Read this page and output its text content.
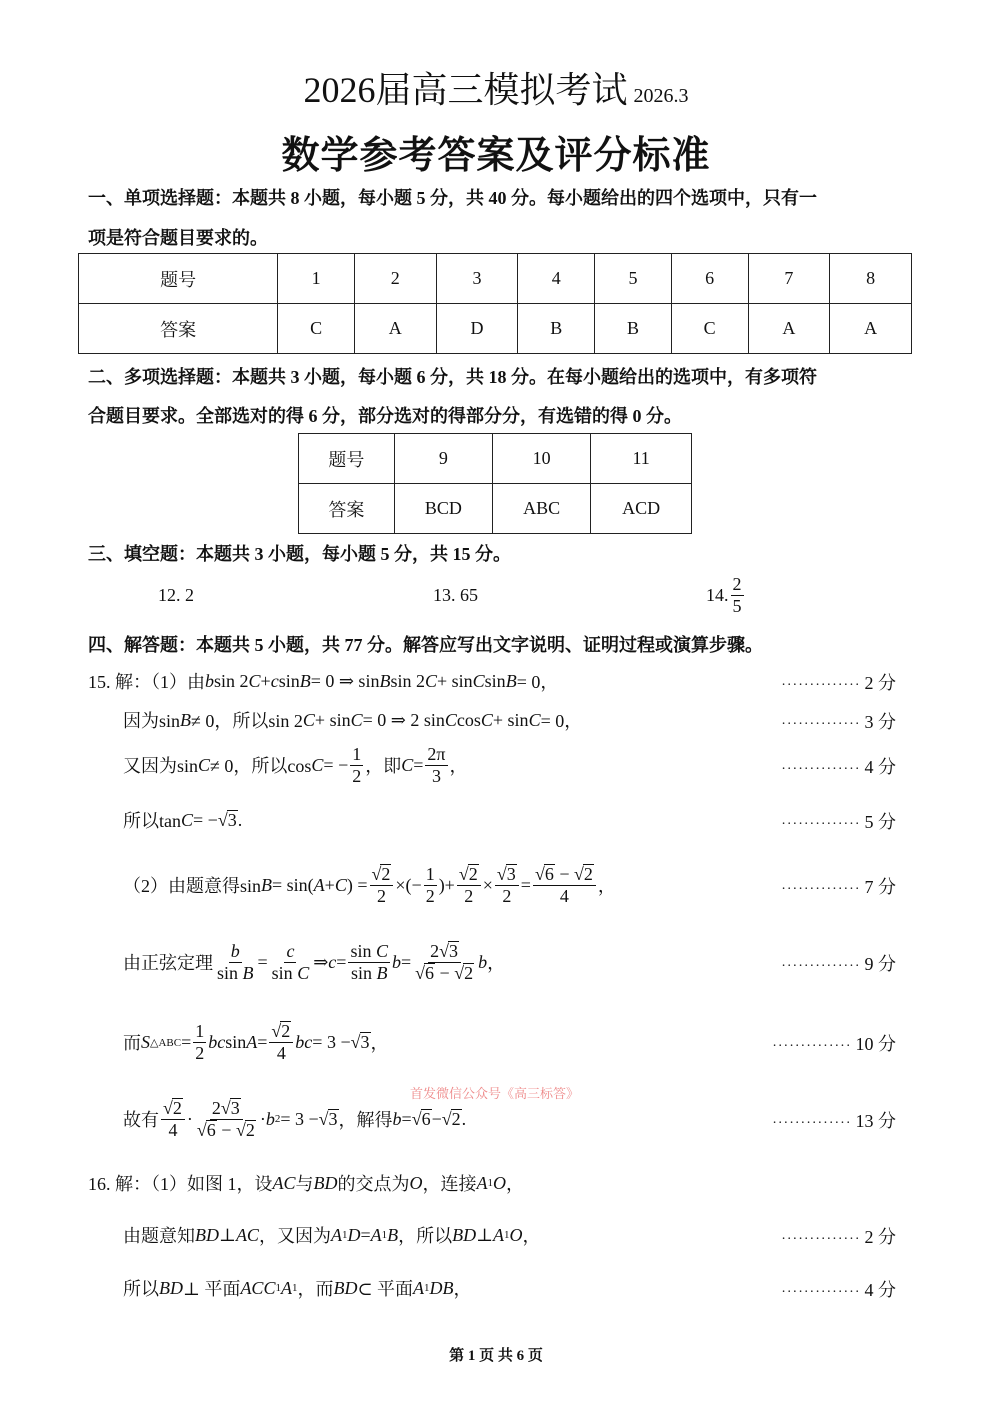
2026届高三模拟考试 2026.3
数学参考答案及评分标准
一、单项选择题：本题共 8 小题，每小题 5 分，共 40 分。每小题给出的四个选项中，只有一
项是符合题目要求的。
题号	1	2	3	4	5	6	7	8
答案	C	A	D	B	B	C	A	A
二、多项选择题：本题共 3 小题，每小题 6 分，共 18 分。在每小题给出的选项中，有多项符
合题目要求。全部选对的得 6 分，部分选对的得部分分，有选错的得 0 分。
题号	9	10	11
答案	BCD	ABC	ACD
三、填空题：本题共 3 小题，每小题 5 分，共 15 分。
12. 2	13. 65	14. $\frac{2}{5}$
四、解答题：本题共 5 小题，共 77 分。解答应写出文字说明、证明过程或演算步骤。
15. 解：（1）由 b sin 2 C + c sin B = 0 ⇒ sin B sin 2 C + sin C sin B = 0，	·············· 2 分
因为sin B ≠ 0，所以sin 2 C + sin C = 0 ⇒ 2 sin C cos C + sin C = 0，	·············· 3 分
又因为sin C ≠ 0，所以cos C = − $\frac{1}{2}$ ，即 $C = \frac{2\pi}{3}$ ，	·············· 4 分
所以tan C = − √ 3 .	·············· 5 分
（2）由题意得sin B = sin( A + C ) = $\frac{√ 2}{2}$ ×(− $\frac{1}{2}$ )+ $\frac{√ 2}{2} \times \frac{√ 3}{2} = \frac{√ 6 - √ 2}{4}$ ，	·············· 7 分
由正弦定理 $\frac{b}{\text{sin B}} = \frac{c}{\text{sin C}}$ ⇒ $c = \frac{\text{sin C}}{\text{sin B}}$ $b = \frac{2 √ 3}{√ 6 - √ 2}$ b ，	·············· 9 分
而 S △ABC = $\frac{1}{2}$ bc $\sin A = \frac{√ 2}{4}$ bc = 3 − √ 3 ，	·············· 10 分
故有 $\frac{√ 2}{4} \cdot \frac{2 √ 3}{√ 6 - √ 2} \cdot b$ 2 = 3 − √ 3 ，解得 b = √ 6 − √ 2 .	·············· 13 分
16. 解：（1）如图 1，设 AC 与 BD 的交点为 O ，连接 A 1 O ，
由题意知 BD ⊥ AC ，又因为 A 1 D = A 1 B ，所以 BD ⊥ A 1 O ，	·············· 2 分
所以 BD ⊥ 平面 ACC 1 A 1 ，而 BD ⊂ 平面 A 1 DB ，	·············· 4 分
首发微信公众号《高三标答》
第 1 页 共 6 页
